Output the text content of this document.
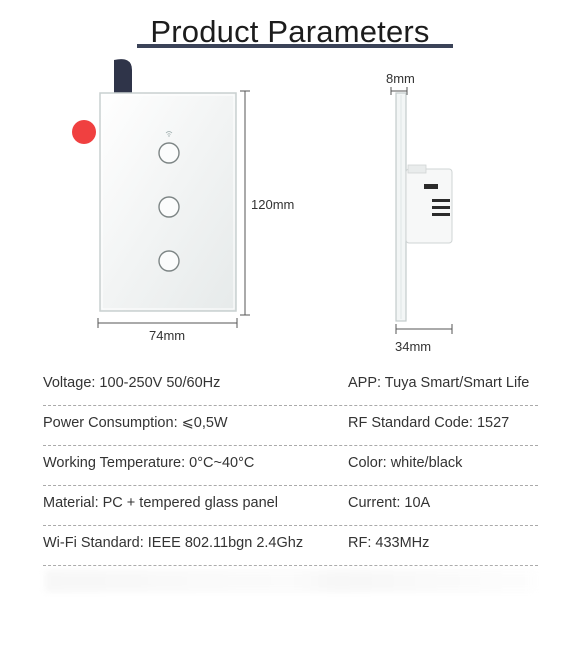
Product Parameters
120mm
74mm
8mm
34mm
Voltage: 100-250V 50/60Hz	APP: Tuya Smart/Smart Life
Power Consumption: ⩽0,5W	RF Standard Code: 1527
Working Temperature: 0°C~40°C	Color: white/black
Material: PC + tempered glass panel	Current: 10A
Wi-Fi Standard: IEEE 802.11bgn 2.4Ghz	RF: 433MHz
